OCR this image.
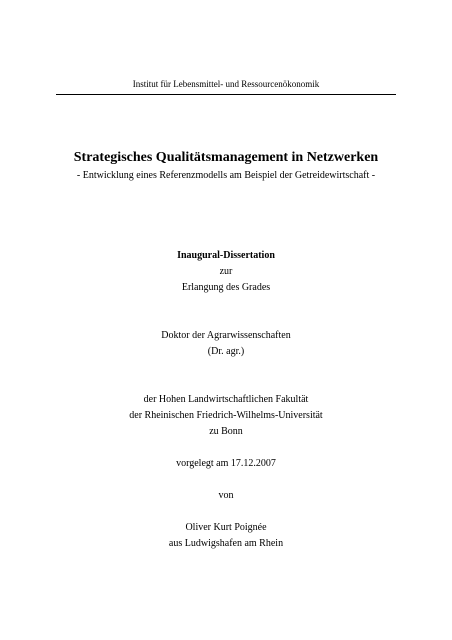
Institut für Lebensmittel- und Ressourcenökonomik
Strategisches Qualitätsmanagement in Netzwerken
- Entwicklung eines Referenzmodells am Beispiel der Getreidewirtschaft -
Inaugural-Dissertation
zur
Erlangung des Grades
Doktor der Agrarwissenschaften
(Dr. agr.)
der Hohen Landwirtschaftlichen Fakultät
der Rheinischen Friedrich-Wilhelms-Universität
zu Bonn
vorgelegt am 17.12.2007
von
Oliver Kurt Poignée
aus Ludwigshafen am Rhein
